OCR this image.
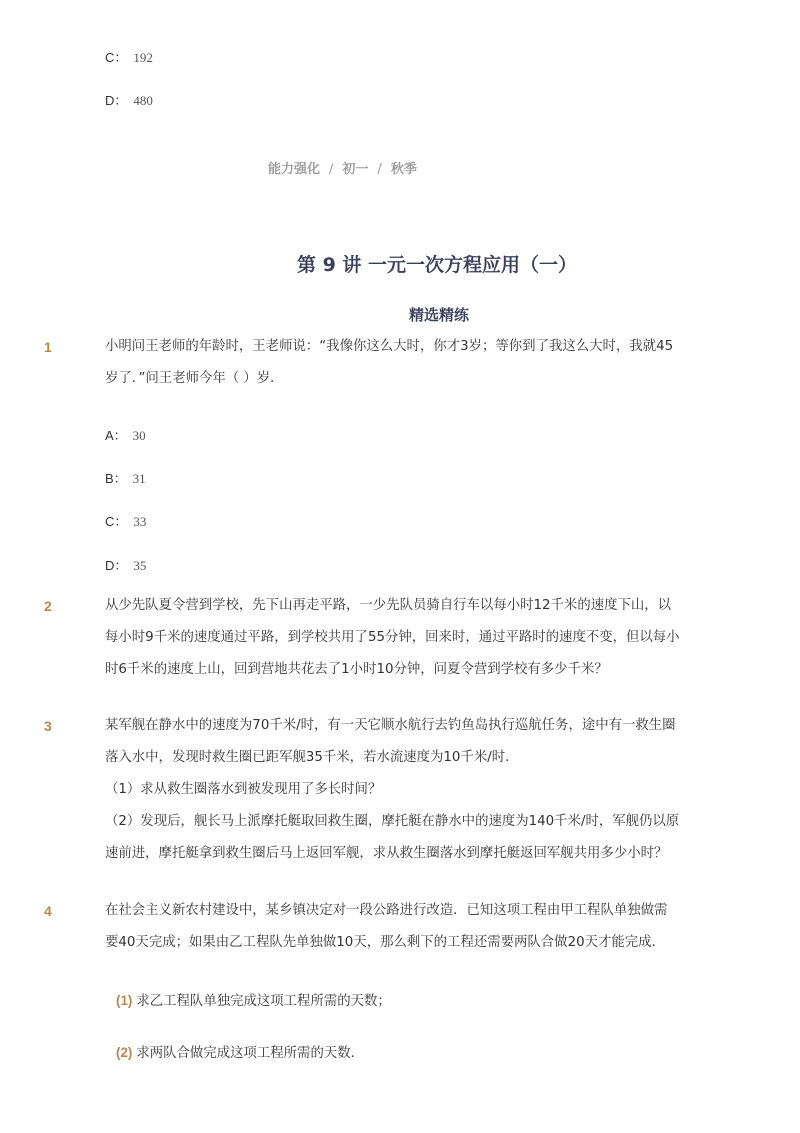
C： 192
D： 480
能力强化 / 初一 / 秋季
第 9 讲 一元一次方程应用（一）
精选精练
1	小明问王老师的年龄时，王老师说：“我像你这么大时，你才3岁；等你到了我这么大时，我就45
岁了．”问王老师今年（ ）岁．
A： 30
B： 31
C： 33
D： 35
2	从少先队夏令营到学校，先下山再走平路，一少先队员骑自行车以每小时12千米的速度下山，以
每小时9千米的速度通过平路，到学校共用了55分钟，回来时，通过平路时的速度不变，但以每小
时6千米的速度上山，回到营地共花去了1小时10分钟，问夏令营到学校有多少千米？
3	某军舰在静水中的速度为70千米/时，有一天它顺水航行去钓鱼岛执行巡航任务，途中有一救生圈
落入水中，发现时救生圈已距军舰35千米，若水流速度为10千米/时．
（1）求从救生圈落水到被发现用了多长时间？
（2）发现后，舰长马上派摩托艇取回救生圈，摩托艇在静水中的速度为140千米/时，军舰仍以原
速前进，摩托艇拿到救生圈后马上返回军舰，求从救生圈落水到摩托艇返回军舰共用多少小时？
4	在社会主义新农村建设中，某乡镇决定对一段公路进行改造．已知这项工程由甲工程队单独做需
要40天完成；如果由乙工程队先单独做10天，那么剩下的工程还需要两队合做20天才能完成．
(1) 求乙工程队单独完成这项工程所需的天数；
(2) 求两队合做完成这项工程所需的天数．
